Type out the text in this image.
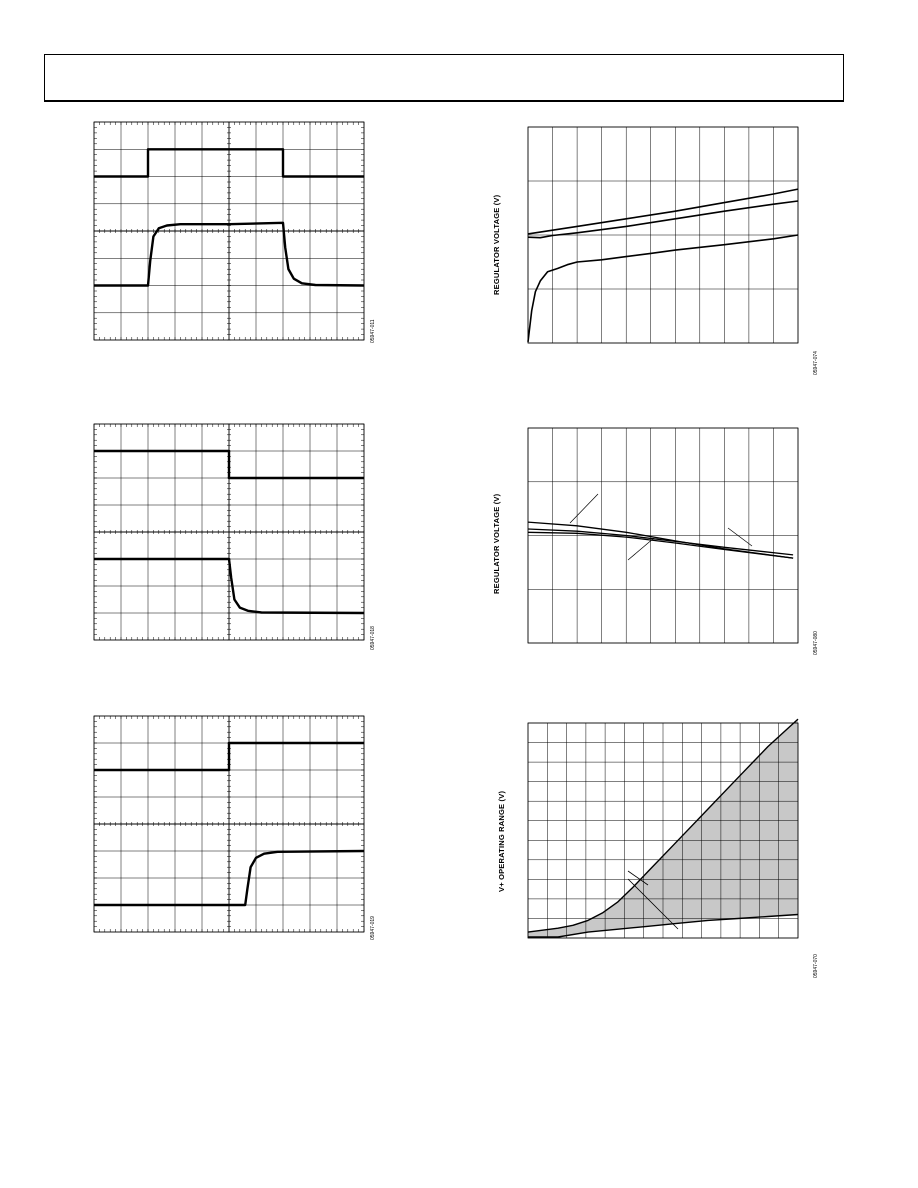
05947-011
05947-018
05947-019
REGULATOR VOLTAGE (V)
05947-074
REGULATOR VOLTAGE (V)
05947-080
V+ OPERATING RANGE (V)
05947-070
